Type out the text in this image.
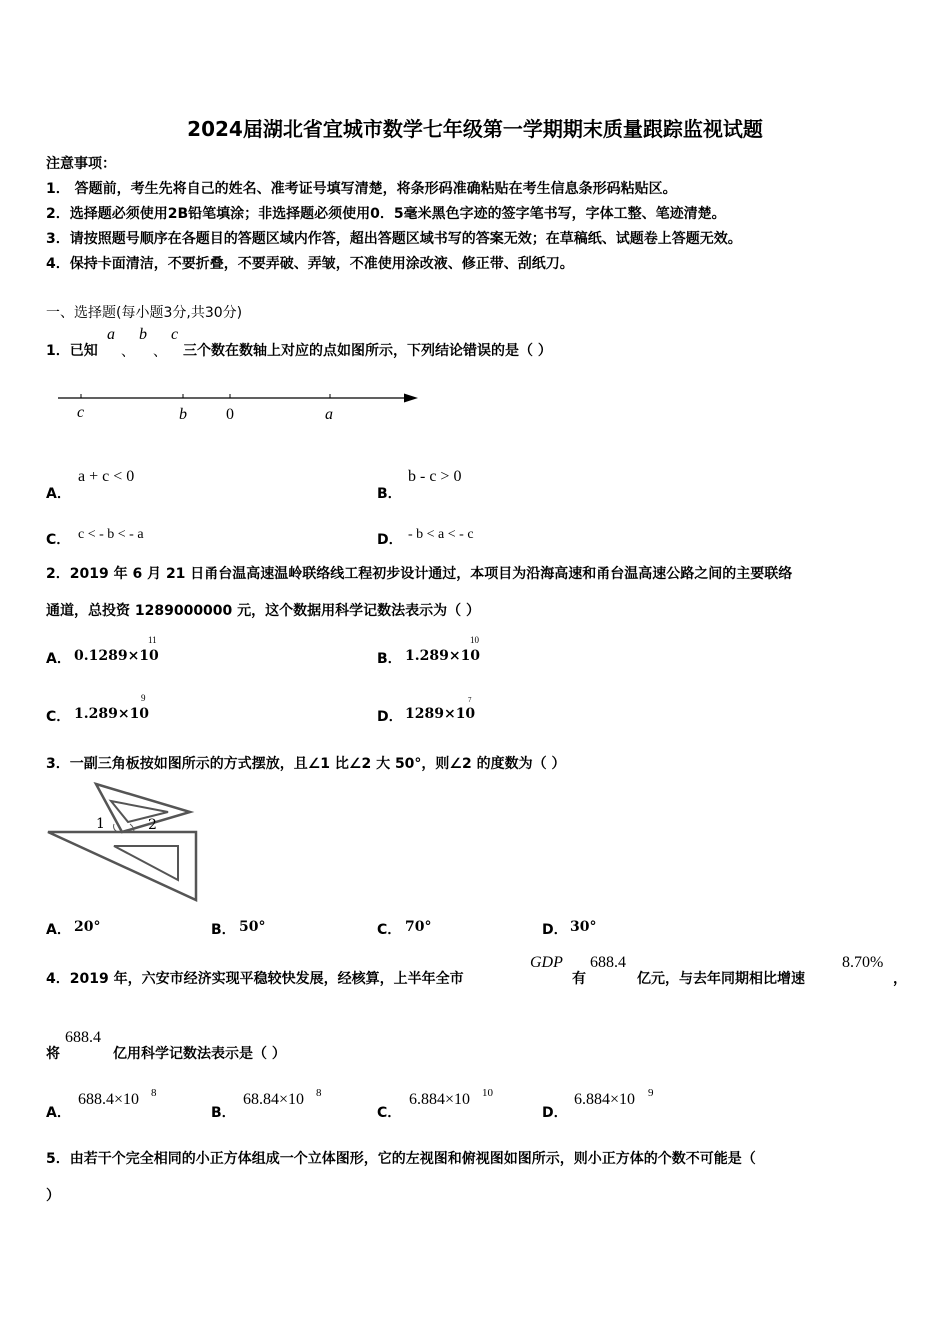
2024届湖北省宜城市数学七年级第一学期期末质量跟踪监视试题
注意事项：
1． 答题前，考生先将自己的姓名、准考证号填写清楚，将条形码准确粘贴在考生信息条形码粘贴区。
2．选择题必须使用2B铅笔填涂；非选择题必须使用0．5毫米黑色字迹的签字笔书写，字体工整、笔迹清楚。
3．请按照题号顺序在各题目的答题区域内作答，超出答题区域书写的答案无效；在草稿纸、试题卷上答题无效。
4．保持卡面清洁，不要折叠，不要弄破、弄皱，不准使用涂改液、修正带、刮纸刀。
一、选择题(每小题3分,共30分)
1．已知
a
、
b
、
c
三个数在数轴上对应的点如图所示，下列结论错误的是（ ）
c	b 0	a
A．
a + c < 0
B．
b - c > 0
C． c < - b < - a	D． - b < a < - c
2．2019 年 6 月 21 日甬台温高速温岭联络线工程初步设计通过，本项目为沿海高速和甬台温高速公路之间的主要联络
通道，总投资 1289000000 元，这个数据用科学记数法表示为（ ）
A． 0.1289×10
11
B． 1.289×10
10
C． 1.289×10
9
D． 1289×10
7
3．一副三角板按如图所示的方式摆放，且∠1 比∠2 大 50°，则∠2 的度数为（ ）
1	2
A． 20°	B． 50°	C． 70°	D． 30°
4．2019 年，六安市经济实现平稳较快发展，经核算，上半年全市
GDP
有
688.4
亿元，与去年同期相比增速
8.70%
，
将
688.4
亿用科学记数法表示是（ ）
A．
688.4×10 8
B．
68.84×10 8
C．
6.884×10 10
D．
6.884×10 9
5．由若干个完全相同的小正方体组成一个立体图形，它的左视图和俯视图如图所示，则小正方体的个数不可能是（
）
